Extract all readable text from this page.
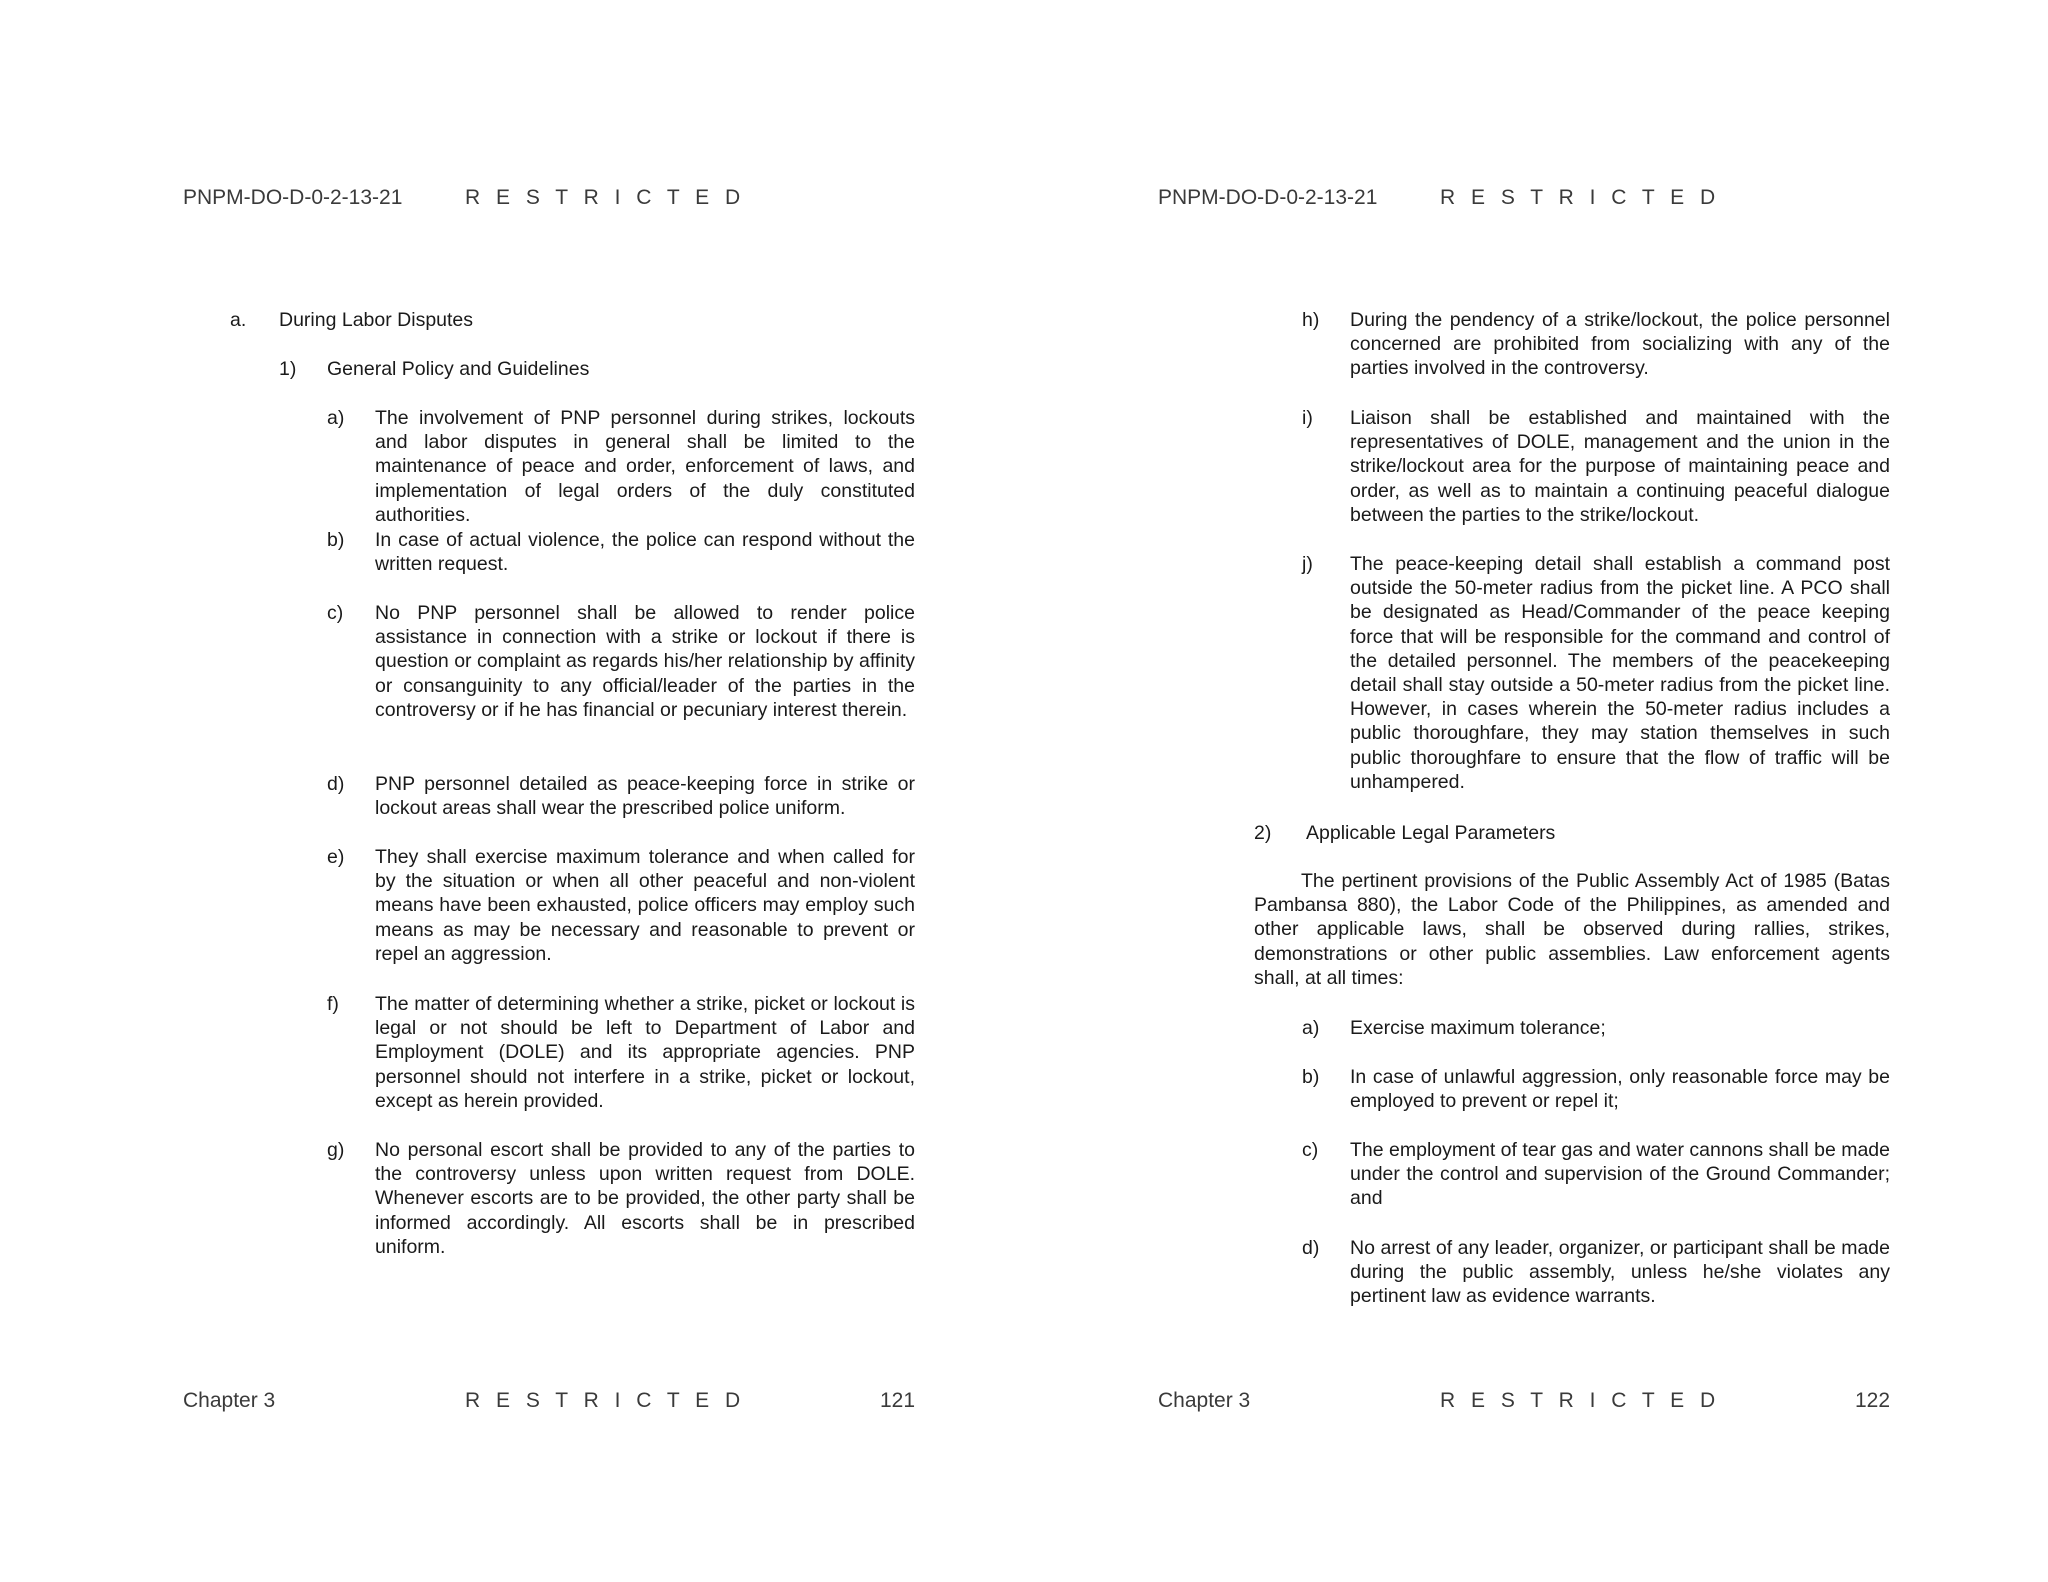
PNPM-DO-D-0-2-13-21	R E S T R I C T E D
a. During Labor Disputes
1) General Policy and Guidelines
a) The involvement of PNP personnel during strikes, lockouts and labor disputes in general shall be limited to the maintenance of peace and order, enforcement of laws, and implementation of legal orders of the duly constituted authorities.
b) In case of actual violence, the police can respond without the written request.
c) No PNP personnel shall be allowed to render police assistance in connection with a strike or lockout if there is question or complaint as regards his/her relationship by affinity or consanguinity to any official/leader of the parties in the controversy or if he has financial or pecuniary interest therein.
d) PNP personnel detailed as peace-keeping force in strike or lockout areas shall wear the prescribed police uniform.
e) They shall exercise maximum tolerance and when called for by the situation or when all other peaceful and non-violent means have been exhausted, police officers may employ such means as may be necessary and reasonable to prevent or repel an aggression.
f) The matter of determining whether a strike, picket or lockout is legal or not should be left to Department of Labor and Employment (DOLE) and its appropriate agencies. PNP personnel should not interfere in a strike, picket or lockout, except as herein provided.
g) No personal escort shall be provided to any of the parties to the controversy unless upon written request from DOLE. Whenever escorts are to be provided, the other party shall be informed accordingly. All escorts shall be in prescribed uniform.
Chapter 3	R E S T R I C T E D	121
PNPM-DO-D-0-2-13-21	R E S T R I C T E D
h) During the pendency of a strike/lockout, the police personnel concerned are prohibited from socializing with any of the parties involved in the controversy.
i) Liaison shall be established and maintained with the representatives of DOLE, management and the union in the strike/lockout area for the purpose of maintaining peace and order, as well as to maintain a continuing peaceful dialogue between the parties to the strike/lockout.
j) The peace-keeping detail shall establish a command post outside the 50-meter radius from the picket line. A PCO shall be designated as Head/Commander of the peace keeping force that will be responsible for the command and control of the detailed personnel. The members of the peacekeeping detail shall stay outside a 50-meter radius from the picket line. However, in cases wherein the 50-meter radius includes a public thoroughfare, they may station themselves in such public thoroughfare to ensure that the flow of traffic will be unhampered.
2) Applicable Legal Parameters
The pertinent provisions of the Public Assembly Act of 1985 (Batas Pambansa 880), the Labor Code of the Philippines, as amended and other applicable laws, shall be observed during rallies, strikes, demonstrations or other public assemblies. Law enforcement agents shall, at all times:
a) Exercise maximum tolerance;
b) In case of unlawful aggression, only reasonable force may be employed to prevent or repel it;
c) The employment of tear gas and water cannons shall be made under the control and supervision of the Ground Commander; and
d) No arrest of any leader, organizer, or participant shall be made during the public assembly, unless he/she violates any pertinent law as evidence warrants.
Chapter 3	R E S T R I C T E D	122
